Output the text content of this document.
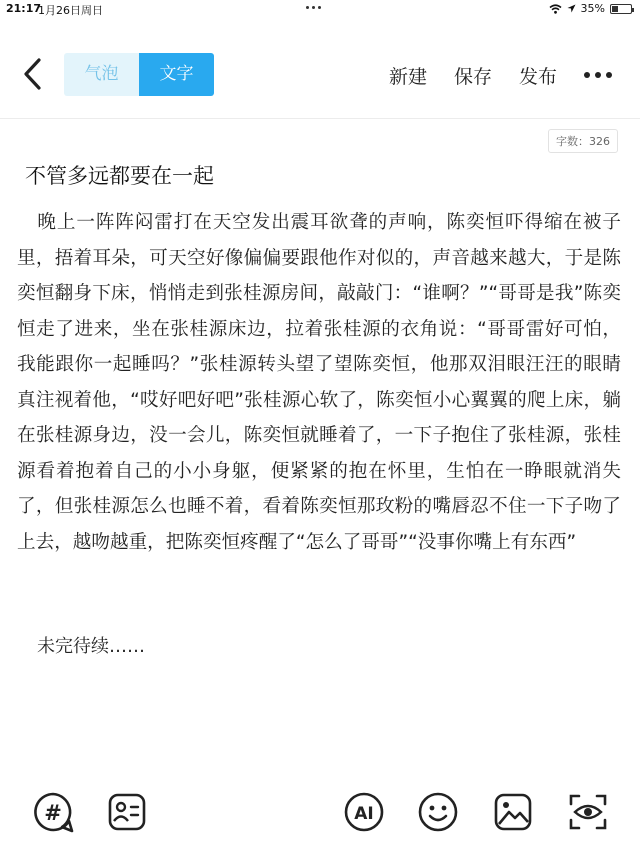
21:17
1月26日周日	35%
气泡	文字	新建 保存 发布
字数：326
不管多远都要在一起
晚上一阵阵闷雷打在天空发出震耳欲聋的声响，陈奕恒吓得缩在被子里，捂着耳朵，可天空好像偏偏要跟他作对似的，声音越来越大，于是陈奕恒翻身下床，悄悄走到张桂源房间，敲敲门：“谁啊？”“哥哥是我”陈奕恒走了进来，坐在张桂源床边，拉着张桂源的衣角说：“哥哥雷好可怕，我能跟你一起睡吗？”张桂源转头望了望陈奕恒，他那双泪眼汪汪的眼睛真注视着他，“哎好吧好吧”张桂源心软了，陈奕恒小心翼翼的爬上床，躺在张桂源身边，没一会儿，陈奕恒就睡着了，一下子抱住了张桂源，张桂源看着抱着自己的小小身躯，便紧紧的抱在怀里，生怕在一睁眼就消失了，但张桂源怎么也睡不着，看着陈奕恒那玫粉的嘴唇忍不住一下子吻了上去，越吻越重，把陈奕恒疼醒了“怎么了哥哥”“没事你嘴上有东西”
未完待续……
#	AI
